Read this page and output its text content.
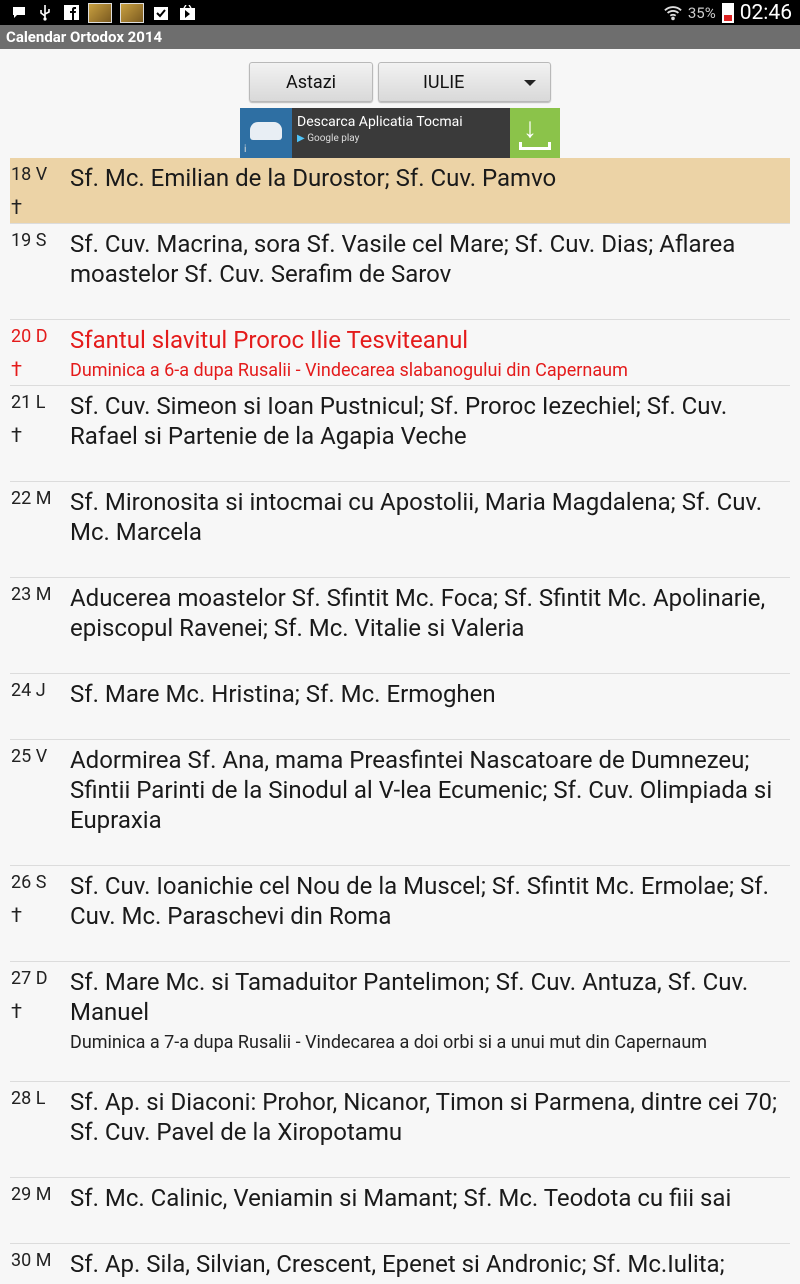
35% 02:46
Calendar Ortodox 2014
Astazi	IULIE
i
Descarca Aplicatia Tocmai
▶ Google play	↓
18 V
†
Sf. Mc. Emilian de la Durostor; Sf. Cuv. Pamvo
19 S Sf. Cuv. Macrina, sora Sf. Vasile cel Mare; Sf. Cuv. Dias; Aflarea moastelor Sf. Cuv. Serafim de Sarov
20 D
†
Sfantul slavitul Proroc Ilie Tesviteanul
Duminica a 6-a dupa Rusalii - Vindecarea slabanogului din Capernaum
21 L
†
Sf. Cuv. Simeon si Ioan Pustnicul; Sf. Proroc Iezechiel; Sf. Cuv. Rafael si Partenie de la Agapia Veche
22 M Sf. Mironosita si intocmai cu Apostolii, Maria Magdalena; Sf. Cuv. Mc. Marcela
23 M Aducerea moastelor Sf. Sfintit Mc. Foca; Sf. Sfintit Mc. Apolinarie, episcopul Ravenei; Sf. Mc. Vitalie si Valeria
24 J Sf. Mare Mc. Hristina; Sf. Mc. Ermoghen
25 V Adormirea Sf. Ana, mama Preasfintei Nascatoare de Dumnezeu; Sfintii Parinti de la Sinodul al V-lea Ecumenic; Sf. Cuv. Olimpiada si Eupraxia
26 S
†
Sf. Cuv. Ioanichie cel Nou de la Muscel; Sf. Sfintit Mc. Ermolae; Sf. Cuv. Mc. Paraschevi din Roma
27 D
†
Sf. Mare Mc. si Tamaduitor Pantelimon; Sf. Cuv. Antuza, Sf. Cuv. Manuel
Duminica a 7-a dupa Rusalii - Vindecarea a doi orbi si a unui mut din Capernaum
28 L Sf. Ap. si Diaconi: Prohor, Nicanor, Timon si Parmena, dintre cei 70; Sf. Cuv. Pavel de la Xiropotamu
29 M Sf. Mc. Calinic, Veniamin si Mamant; Sf. Mc. Teodota cu fiii sai
30 M Sf. Ap. Sila, Silvian, Crescent, Epenet si Andronic; Sf. Mc.Iulita;
